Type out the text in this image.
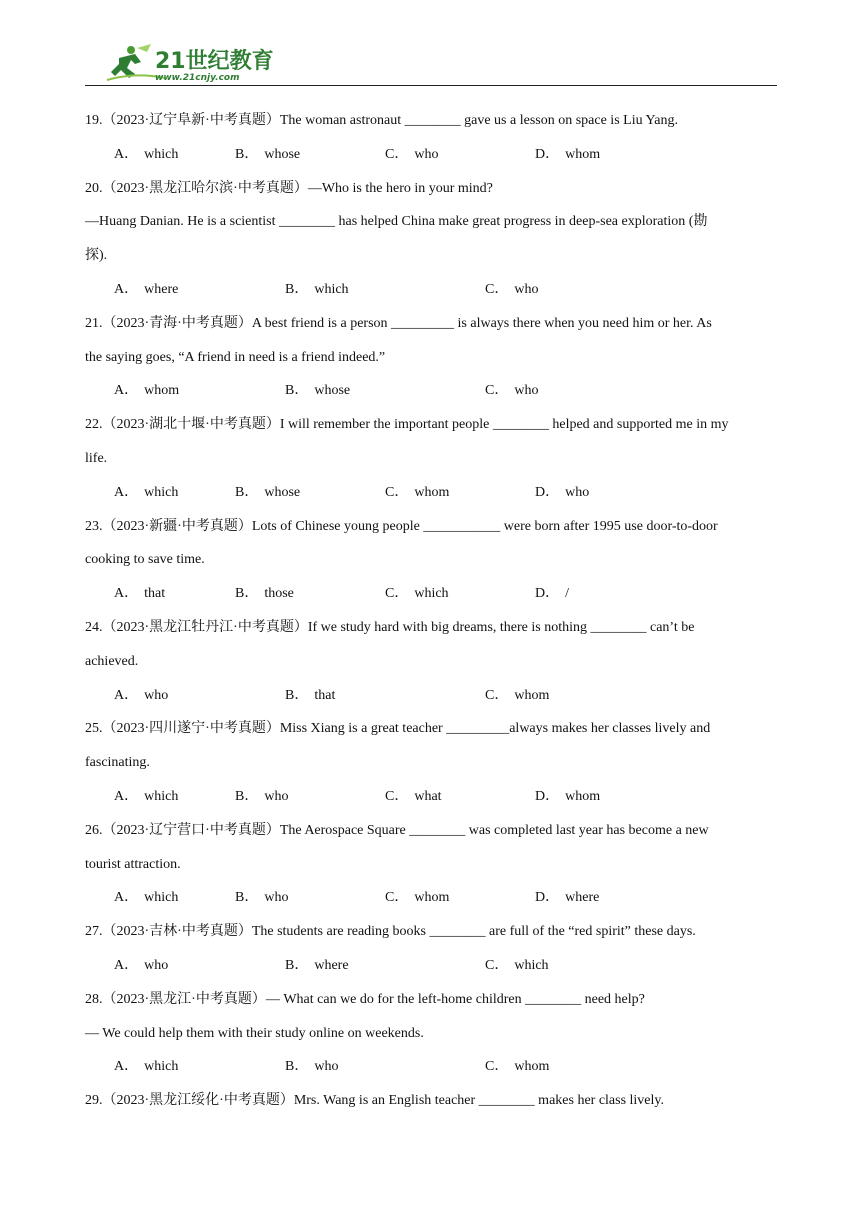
21世纪教育
www.21cnjy.com
19.（2023·辽宁阜新·中考真题）The woman astronaut ________ gave us a lesson on space is Liu Yang.
A． which	B． whose	C． who	D． whom
20.（2023·黑龙江哈尔滨·中考真题）—Who is the hero in your mind?
—Huang Danian. He is a scientist ________ has helped China make great progress in deep-sea exploration (勘
探).
A． where	B． which	C． who
21.（2023·青海·中考真题）A best friend is a person _________ is always there when you need him or her. As
the saying goes, “A friend in need is a friend indeed.”
A． whom	B． whose	C． who
22.（2023·湖北十堰·中考真题）I will remember the important people ________ helped and supported me in my
life.
A． which	B． whose	C． whom	D． who
23.（2023·新疆·中考真题）Lots of Chinese young people ___________ were born after 1995 use door-to-door
cooking to save time.
A． that	B． those	C． which	D． /
24.（2023·黑龙江牡丹江·中考真题）If we study hard with big dreams, there is nothing ________ can’t be
achieved.
A． who	B． that	C． whom
25.（2023·四川遂宁·中考真题）Miss Xiang is a great teacher _________always makes her classes lively and
fascinating.
A． which	B． who	C． what	D． whom
26.（2023·辽宁营口·中考真题）The Aerospace Square ________ was completed last year has become a new
tourist attraction.
A． which	B． who	C． whom	D． where
27.（2023·吉林·中考真题）The students are reading books ________ are full of the “red spirit” these days.
A． who	B． where	C． which
28.（2023·黑龙江·中考真题）— What can we do for the left-home children ________ need help?
— We could help them with their study online on weekends.
A． which	B． who	C． whom
29.（2023·黑龙江绥化·中考真题）Mrs. Wang is an English teacher ________ makes her class lively.
